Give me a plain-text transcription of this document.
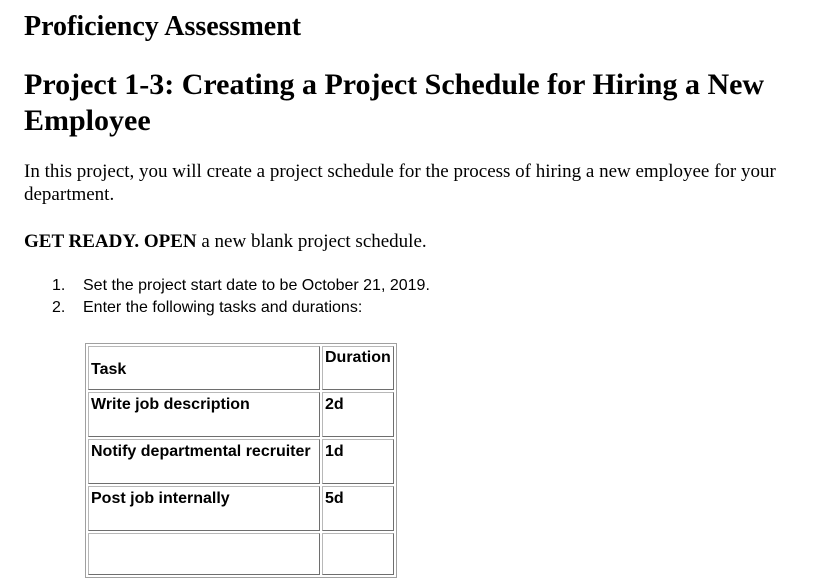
Proficiency Assessment
Project 1-3: Creating a Project Schedule for Hiring a New Employee

In this project, you will create a project schedule for the process of hiring a new employee for your department.

GET READY. OPEN a new blank project schedule.

1. Set the project start date to be October 21, 2019.
2. Enter the following tasks and durations:
Task	Duration
Write job description	2d
Notify departmental recruiter	1d
Post job internally	5d
